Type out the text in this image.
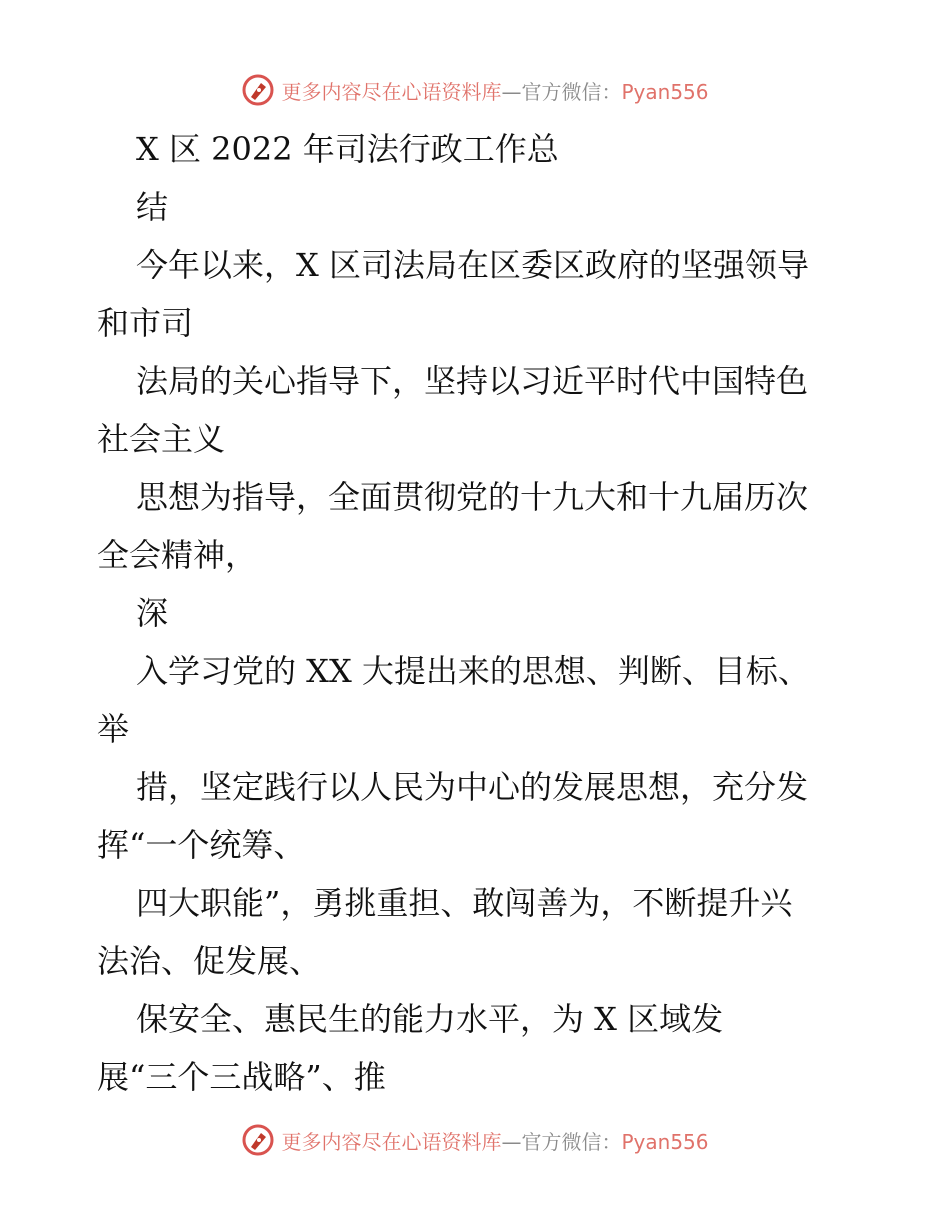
更多内容尽在心语资料库—官方微信：Pyan556
X 区 2022 年司法行政工作总
结
今年以来，X 区司法局在区委区政府的坚强领导
和市司
法局的关心指导下，坚持以习近平时代中国特色
社会主义
思想为指导，全面贯彻党的十九大和十九届历次
全会精神，
深
入学习党的 XX 大提出来的思想、判断、目标、
举
措，坚定践行以人民为中心的发展思想，充分发
挥“一个统筹、
四大职能”，勇挑重担、敢闯善为，不断提升兴
法治、促发展、
保安全、惠民生的能力水平，为 X 区域发
展“三个三战略”、推
更多内容尽在心语资料库—官方微信：Pyan556
